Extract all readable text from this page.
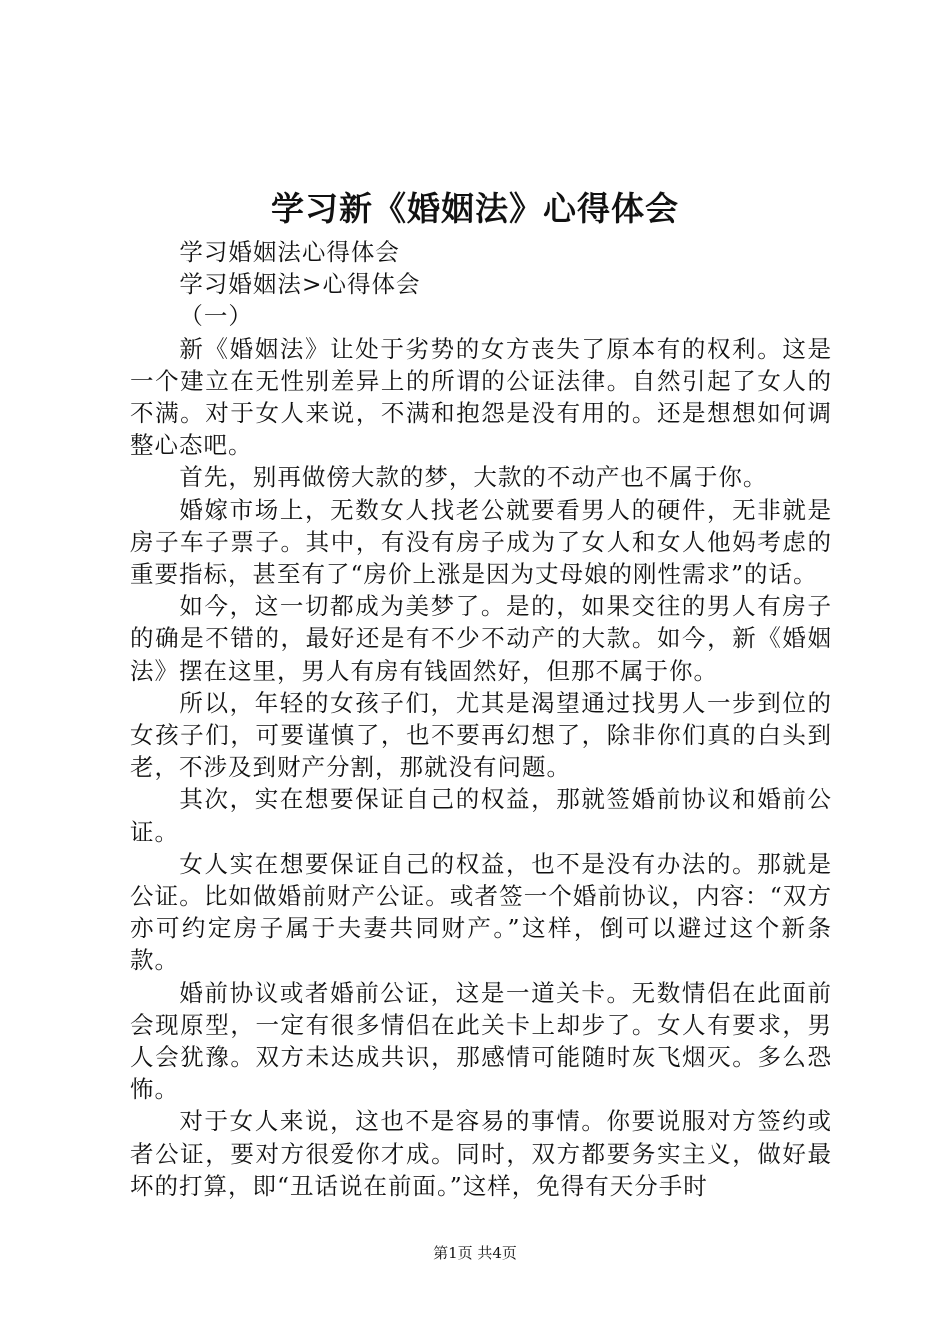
学习新《婚姻法》心得体会

学习婚姻法心得体会

学习婚姻法>心得体会

（一）

新《婚姻法》让处于劣势的女方丧失了原本有的权利。这是一个建立在无性别差异上的所谓的公证法律。自然引起了女人的不满。对于女人来说，不满和抱怨是没有用的。还是想想如何调整心态吧。

首先，别再做傍大款的梦，大款的不动产也不属于你。

婚嫁市场上，无数女人找老公就要看男人的硬件，无非就是房子车子票子。其中，有没有房子成为了女人和女人他妈考虑的重要指标，甚至有了“房价上涨是因为丈母娘的刚性需求”的话。

如今，这一切都成为美梦了。是的，如果交往的男人有房子的确是不错的，最好还是有不少不动产的大款。如今，新《婚姻法》摆在这里，男人有房有钱固然好，但那不属于你。

所以，年轻的女孩子们，尤其是渴望通过找男人一步到位的女孩子们，可要谨慎了，也不要再幻想了，除非你们真的白头到老，不涉及到财产分割，那就没有问题。

其次，实在想要保证自己的权益，那就签婚前协议和婚前公证。

女人实在想要保证自己的权益，也不是没有办法的。那就是公证。比如做婚前财产公证。或者签一个婚前协议，内容：“双方亦可约定房子属于夫妻共同财产。”这样，倒可以避过这个新条款。

婚前协议或者婚前公证，这是一道关卡。无数情侣在此面前会现原型，一定有很多情侣在此关卡上却步了。女人有要求，男人会犹豫。双方未达成共识，那感情可能随时灰飞烟灭。多么恐怖。

对于女人来说，这也不是容易的事情。你要说服对方签约或者公证，要对方很爱你才成。同时，双方都要务实主义，做好最坏的打算，即“丑话说在前面。”这样，免得有天分手时

第1页 共4页
